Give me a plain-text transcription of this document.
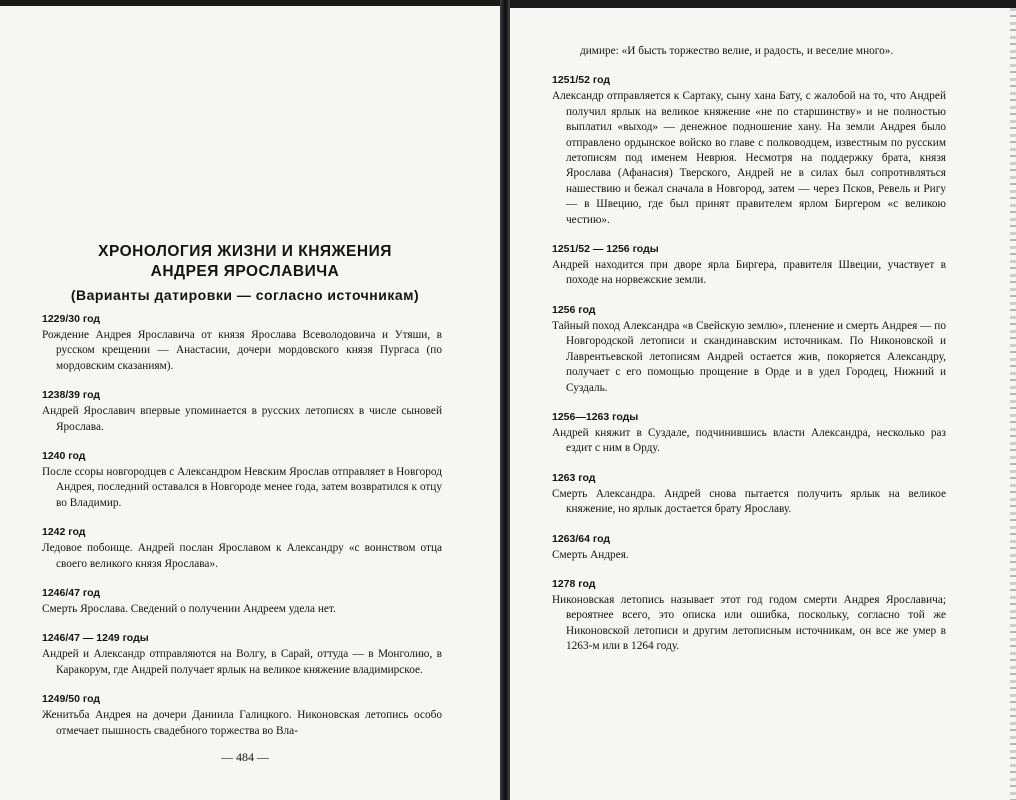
ХРОНОЛОГИЯ ЖИЗНИ И КНЯЖЕНИЯ
АНДРЕЯ ЯРОСЛАВИЧА
(Варианты датировки — согласно источникам)
1229/30 год

Рождение Андрея Ярославича от князя Ярослава Всеволодовича и Утяши, в русском крещении — Анастасии, дочери мордовского князя Пургаса (по мордовским сказаниям).

1238/39 год

Андрей Ярославич впервые упоминается в русских летописях в числе сыновей Ярослава.

1240 год

После ссоры новгородцев с Александром Невским Ярослав отправляет в Новгород Андрея, последний оставался в Новгороде менее года, затем возвратился к отцу во Владимир.

1242 год

Ледовое побоище. Андрей послан Ярославом к Александру «с воинством отца своего великого князя Ярослава».

1246/47 год

Смерть Ярослава. Сведений о получении Андреем удела нет.

1246/47 — 1249 годы

Андрей и Александр отправляются на Волгу, в Сарай, оттуда — в Монголию, в Каракорум, где Андрей получает ярлык на великое княжение владимирское.

1249/50 год

Женитьба Андрея на дочери Даниила Галицкого. Никоновская летопись особо отмечает пышность свадебного торжества во Вла-

— 484 —

димире: «И бысть торжество велие, и радость, и веселие много».

1251/52 год

Александр отправляется к Сартаку, сыну хана Бату, с жалобой на то, что Андрей получил ярлык на великое княжение «не по старшинству» и не полностью выплатил «выход» — денежное подношение хану. На земли Андрея было отправлено ордынское войско во главе с полководцем, известным по русским летописям под именем Неврюя. Несмотря на поддержку брата, князя Ярослава (Афанасия) Тверского, Андрей не в силах был сопротивляться нашествию и бежал сначала в Новгород, затем — через Псков, Ревель и Ригу — в Швецию, где был принят правителем ярлом Биргером «с великою честию».

1251/52 — 1256 годы

Андрей находится при дворе ярла Биргера, правителя Швеции, участвует в походе на норвежские земли.

1256 год

Тайный поход Александра «в Свейскую землю», пленение и смерть Андрея — по Новгородской летописи и скандинавским источникам. По Никоновской и Лаврентьевской летописям Андрей остается жив, покоряется Александру, получает с его помощью прощение в Орде и в удел Городец, Нижний и Суздаль.

1256—1263 годы

Андрей княжит в Суздале, подчинившись власти Александра, несколько раз ездит с ним в Орду.

1263 год

Смерть Александра. Андрей снова пытается получить ярлык на великое княжение, но ярлык достается брату Ярославу.

1263/64 год

Смерть Андрея.

1278 год

Никоновская летопись называет этот год годом смерти Андрея Ярославича; вероятнее всего, это описка или ошибка, поскольку, согласно той же Никоновской летописи и другим летописным источникам, он все же умер в 1263-м или в 1264 году.
